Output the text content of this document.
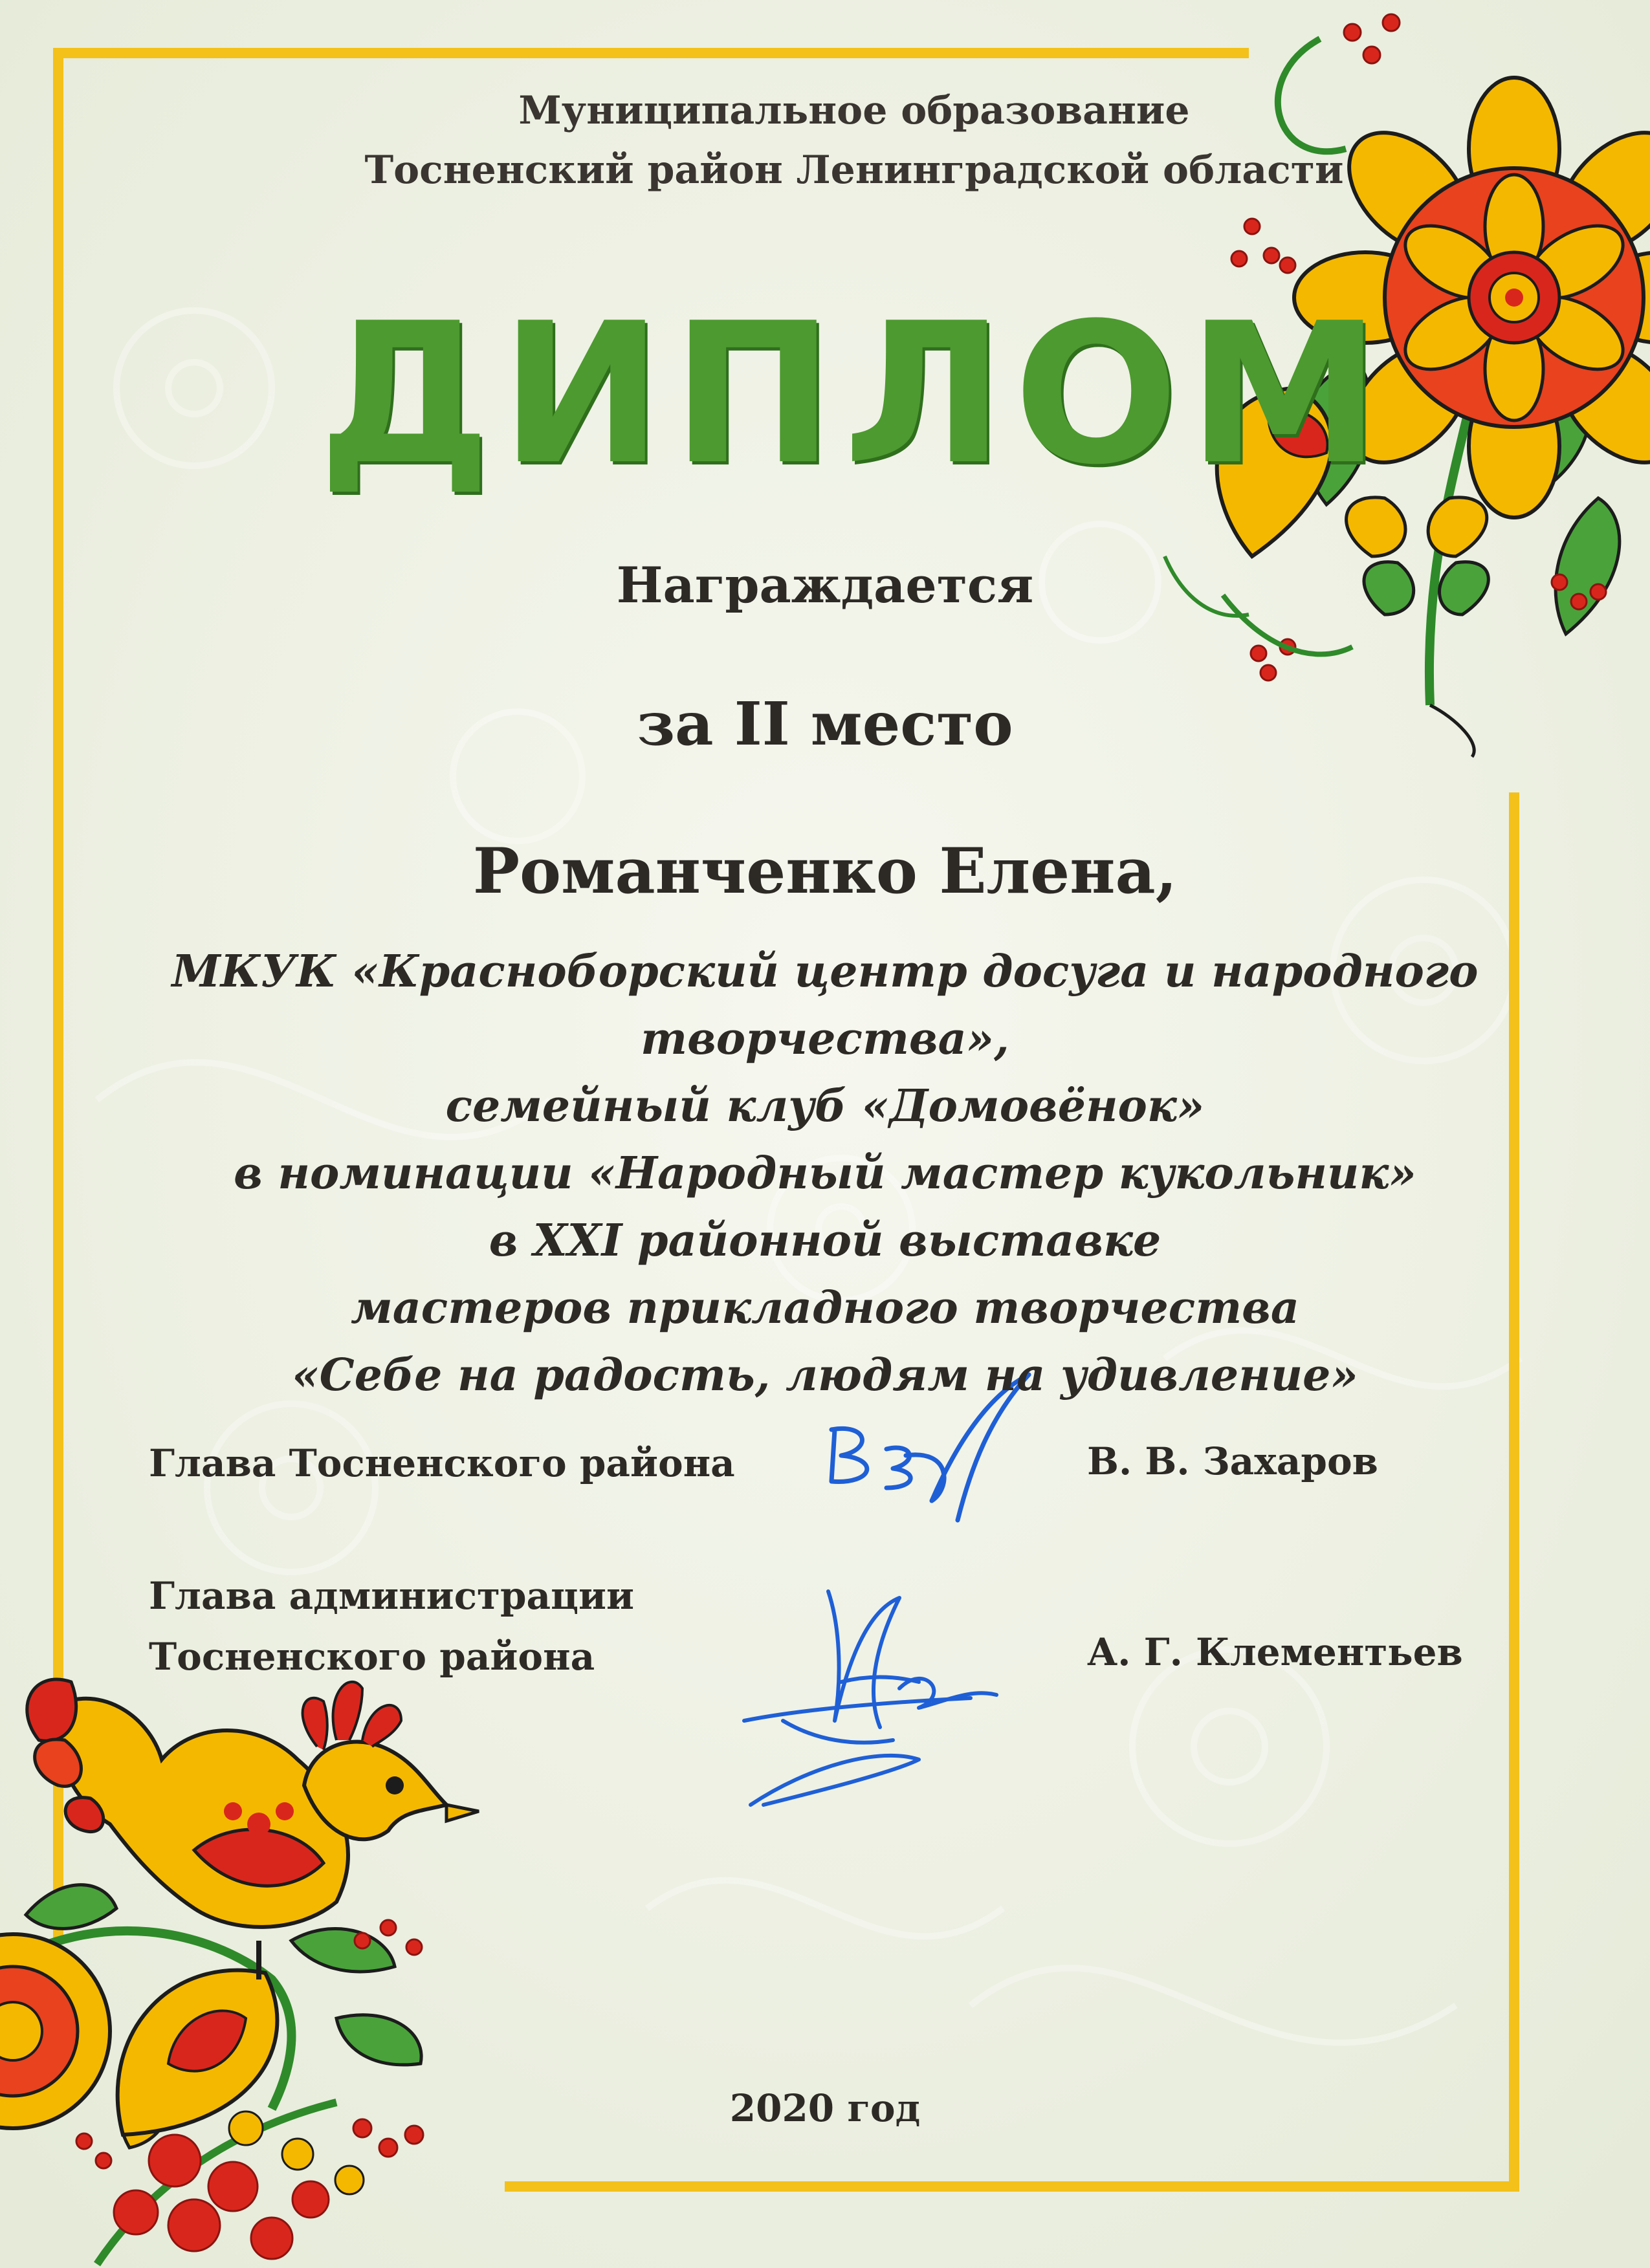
Муниципальное образование
Тосненский район Ленинградской области
ДИПЛОМ
Награждается
за II место
Романченко Елена,
МКУК «Красноборский центр досуга и народного творчества»,
семейный клуб «Домовёнок»
в номинации «Народный мастер кукольник»
в XXI районной выставке
мастеров прикладного творчества
«Себе на радость, людям на удивление»
Глава Тосненского района	В. В. Захаров
Глава администрации
Тосненского района	А. Г. Клементьев
2020 год
